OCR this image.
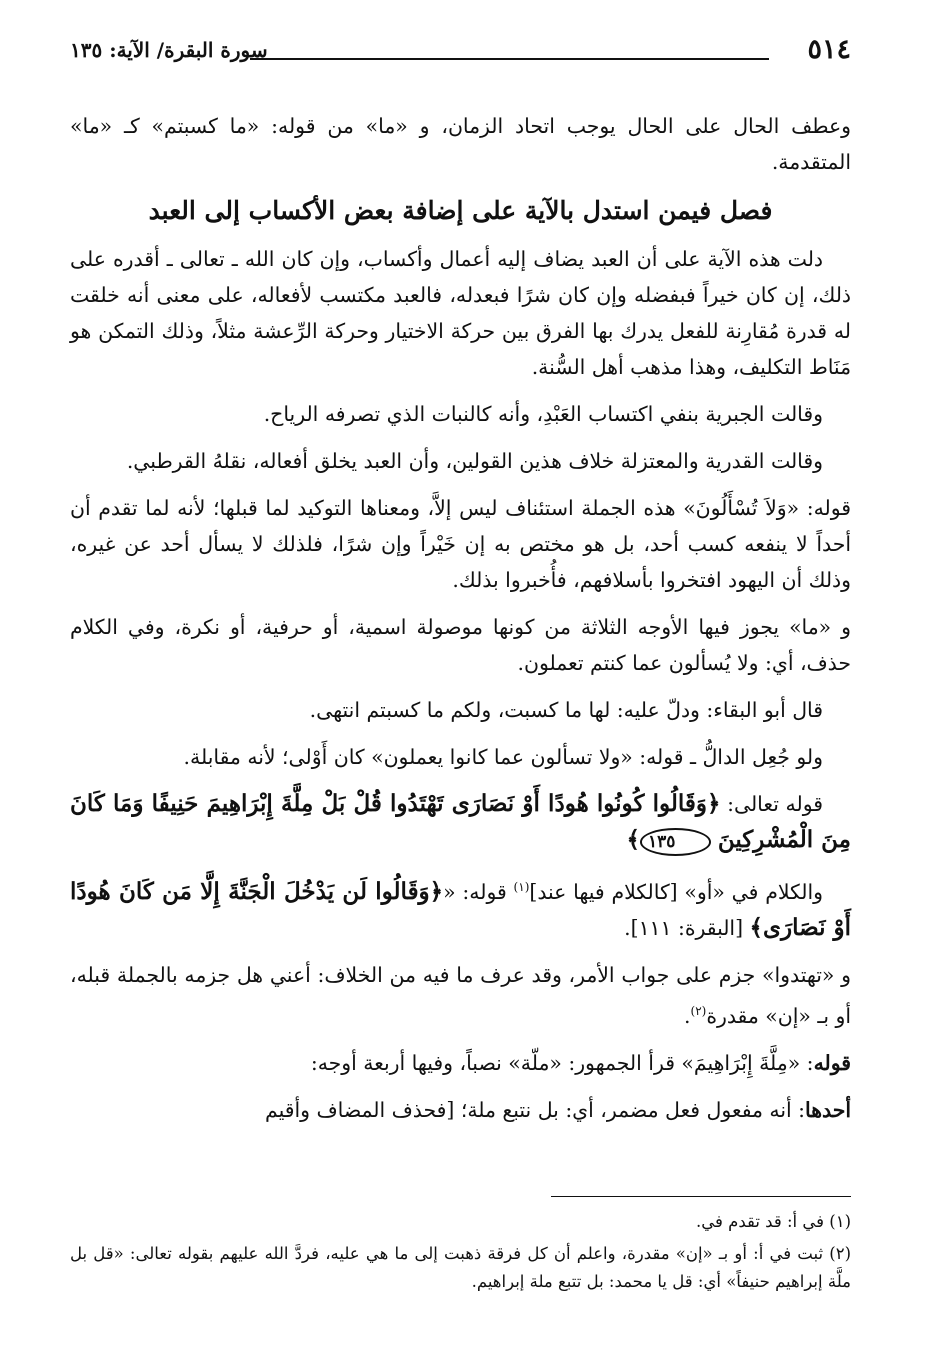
٥١٤
سورة البقرة/ الآية: ١٣٥

وعطف الحال على الحال يوجب اتحاد الزمان، و «ما» من قوله: «ما كسبتم» كـ «ما» المتقدمة.

فصل فيمن استدل بالآية على إضافة بعض الأكساب إلى العبد

دلت هذه الآية على أن العبد يضاف إليه أعمال وأكساب، وإن كان الله ـ تعالى ـ أقدره على ذلك، إن كان خيراً فبفضله وإن كان شرًا فبعدله، فالعبد مكتسب لأفعاله، على معنى أنه خلقت له قدرة مُقارِنة للفعل يدرك بها الفرق بين حركة الاختيار وحركة الرِّعشة مثلاً، وذلك التمكن هو مَنَاط التكليف، وهذا مذهب أهل السُّنة.

وقالت الجبرية بنفي اكتساب العَبْدِ، وأنه كالنبات الذي تصرفه الرياح.

وقالت القدرية والمعتزلة خلاف هذين القولين، وأن العبد يخلق أفعاله، نقلهُ القرطبي.

قوله: «وَلاَ تُسْأَلُونَ» هذه الجملة استئناف ليس إلاَّ، ومعناها التوكيد لما قبلها؛ لأنه لما تقدم أن أحداً لا ينفعه كسب أحد، بل هو مختص به إن خَيْراً وإن شرًا، فلذلك لا يسأل أحد عن غيره، وذلك أن اليهود افتخروا بأسلافهم، فأُخبروا بذلك.

و «ما» يجوز فيها الأوجه الثلاثة من كونها موصولة اسمية، أو حرفية، أو نكرة، وفي الكلام حذف، أي: ولا يُسألون عما كنتم تعملون.

قال أبو البقاء: ودلّ عليه: لها ما كسبت، ولكم ما كسبتم انتهى.

ولو جُعِل الدالُّ ـ قوله: «ولا تسألون عما كانوا يعملون» كان أَوْلى؛ لأنه مقابلة.

قوله تعالى: ﴿وَقَالُوا كُونُوا هُودًا أَوْ نَصَارَى تَهْتَدُوا قُلْ بَلْ مِلَّةَ إِبْرَاهِيمَ حَنِيفًا وَمَا كَانَ مِنَ الْمُشْرِكِينَ ١٣٥﴾

والكلام في «أو» [كالكلام فيها عند]$^{(١)}$ قوله: «﴿وَقَالُوا لَن يَدْخُلَ الْجَنَّةَ إِلَّا مَن كَانَ هُودًا أَوْ نَصَارَى﴾ [البقرة: ١١١].

و «تهتدوا» جزم على جواب الأمر، وقد عرف ما فيه من الخلاف: أعني هل جزمه بالجملة قبله، أو بـ «إن» مقدرة$^{(٢)}$.

قوله: «مِلَّةَ إِبْرَاهِيمَ» قرأ الجمهور: «ملّة» نصباً، وفيها أربعة أوجه:

أحدها: أنه مفعول فعل مضمر، أي: بل نتبع ملة؛ [فحذف المضاف وأقيم

(١) في أ: قد تقدم في.

(٢) ثبت في أ: أو بـ «إن» مقدرة، واعلم أن كل فرقة ذهبت إلى ما هي عليه، فردَّ الله عليهم بقوله تعالى: «قل بل ملَّة إبراهيم حنيفاً» أي: قل يا محمد: بل تتبع ملة إبراهيم.
